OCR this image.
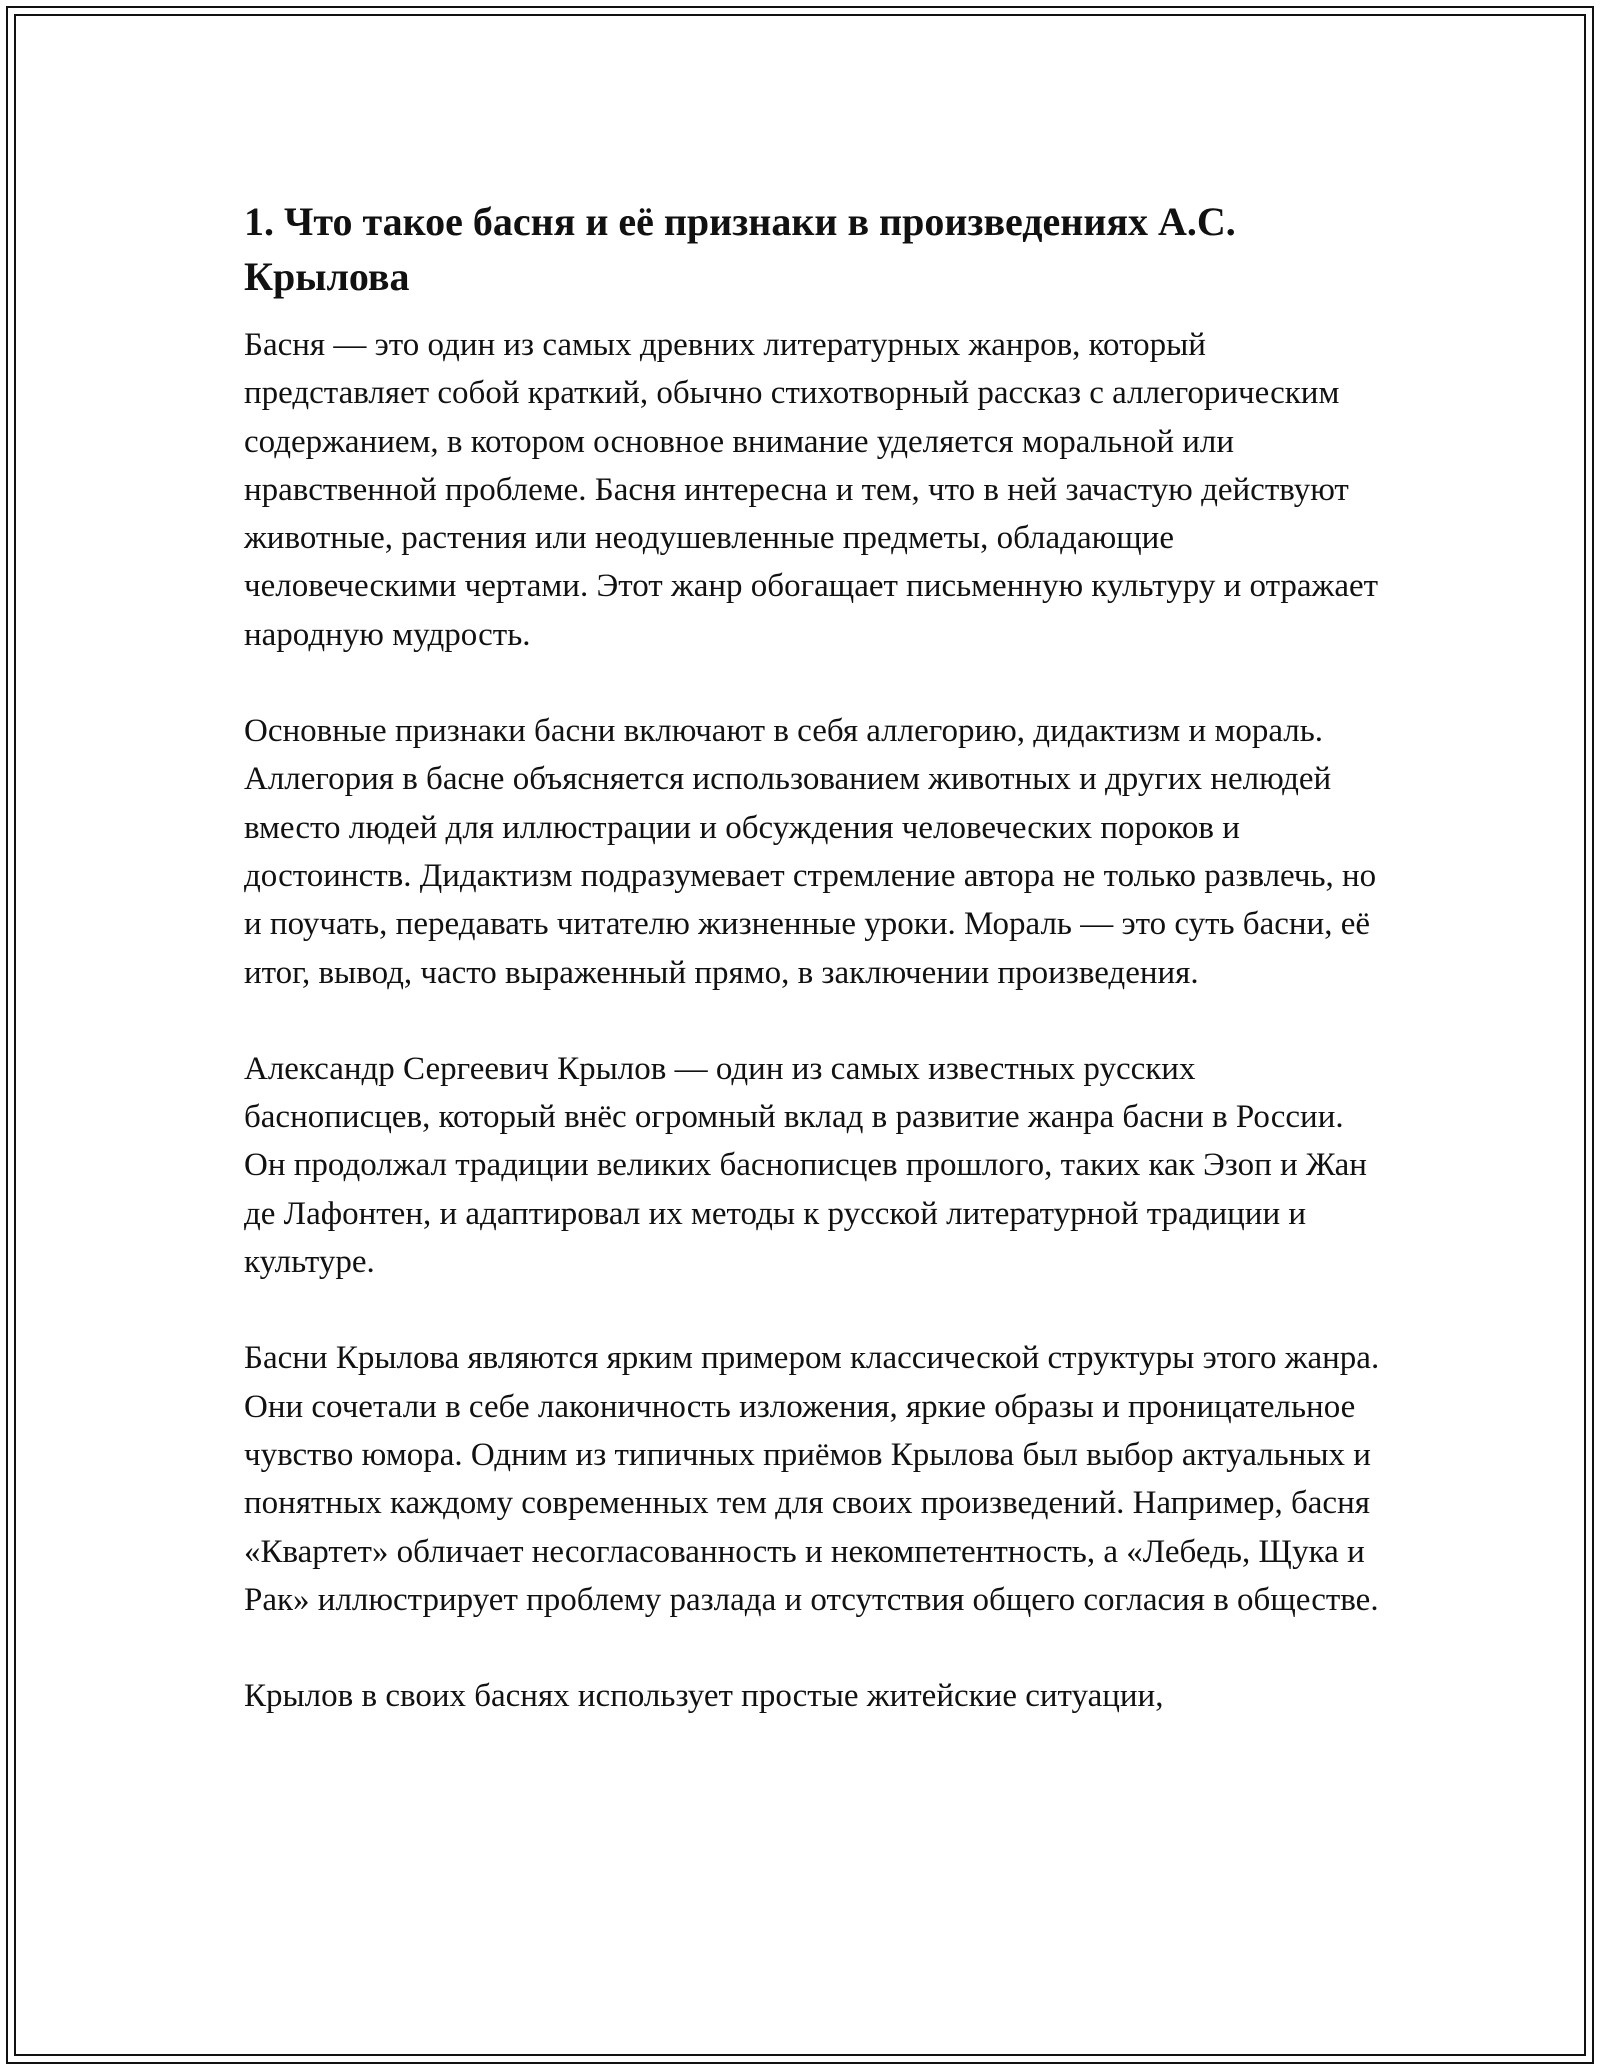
1. Что такое басня и её признаки в произведениях А.С. Крылова

Басня — это один из самых древних литературных жанров, который представляет собой краткий, обычно стихотворный рассказ с аллегорическим содержанием, в котором основное внимание уделяется моральной или нравственной проблеме. Басня интересна и тем, что в ней зачастую действуют животные, растения или неодушевленные предметы, обладающие человеческими чертами. Этот жанр обогащает письменную культуру и отражает народную мудрость.

Основные признаки басни включают в себя аллегорию, дидактизм и мораль. Аллегория в басне объясняется использованием животных и других нелюдей вместо людей для иллюстрации и обсуждения человеческих пороков и достоинств. Дидактизм подразумевает стремление автора не только развлечь, но и поучать, передавать читателю жизненные уроки. Мораль — это суть басни, её итог, вывод, часто выраженный прямо, в заключении произведения.

Александр Сергеевич Крылов — один из самых известных русских баснописцев, который внёс огромный вклад в развитие жанра басни в России. Он продолжал традиции великих баснописцев прошлого, таких как Эзоп и Жан де Лафонтен, и адаптировал их методы к русской литературной традиции и культуре.

Басни Крылова являются ярким примером классической структуры этого жанра. Они сочетали в себе лаконичность изложения, яркие образы и проницательное чувство юмора. Одним из типичных приёмов Крылова был выбор актуальных и понятных каждому современных тем для своих произведений. Например, басня «Квартет» обличает несогласованность и некомпетентность, а «Лебедь, Щука и Рак» иллюстрирует проблему разлада и отсутствия общего согласия в обществе.

Крылов в своих баснях использует простые житейские ситуации,
